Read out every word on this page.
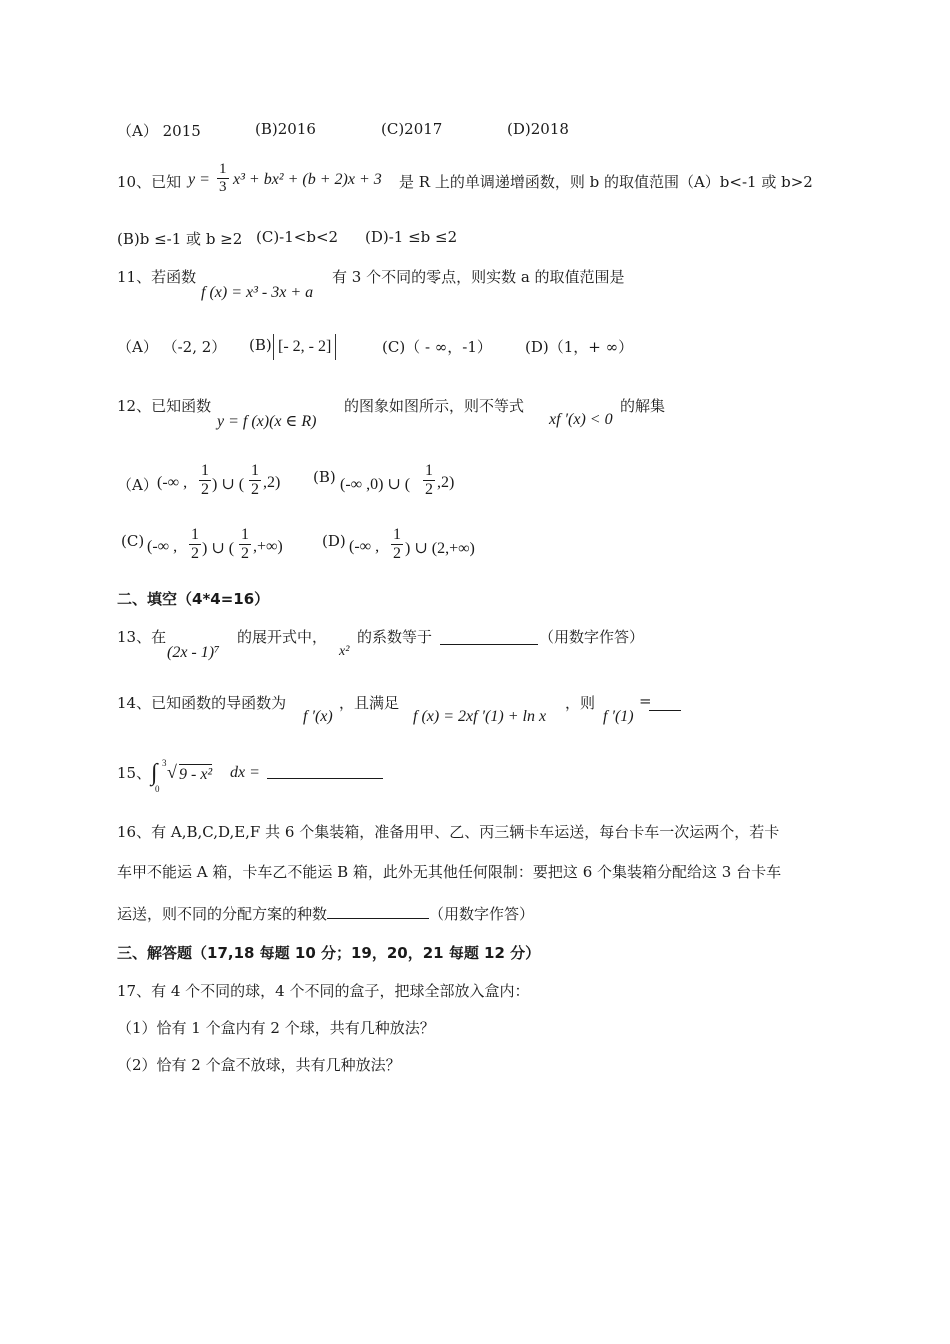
（A） 2015	(B)2016	(C)2017	(D)2018
10、已知 $y = \frac{1}{3} x^3 + bx^2 + (b + 2)x + 3$ 是 R 上的单调递增函数，则 b 的取值范围（A）b<-1 或 b>2
(B)b ≤-1 或 b ≥2 (C)-1<b<2 (D)-1 ≤b ≤2
11、若函数
f (x) = x³ - 3x + a
有 3 个不同的零点，则实数 a 的取值范围是
（A） （-2, 2） (B) [- 2, - 2]	(C)（ - ∞，-1） (D)（1，+ ∞）
12、已知函数
y = f (x)(x ∈ R)
的图象如图所示，则不等式
xf ′(x) < 0
的解集
（A） (-∞ , $\frac{1}{2}$ ) ∪ ( $\frac{1}{2} ,2$) (B) (-∞ ,0) ∪ ( $\frac{1}{2} ,2$)
(C) (-∞ , $\frac{1}{2}$ ) ∪ ( $\frac{1}{2}$ ,+∞)	(D) (-∞ , $\frac{1}{2}$ ) ∪ (2,+∞)
二、填空（4*4=16）
13、在
(2x - 1)⁷
的展开式中，
x²
的系数等于	（用数字作答）
14、已知函数的导函数为
f ′(x)
，且满足
f (x) = 2xf ′(1) + ln x
，则
f ′(1)
=
15、 ∫ 3
0
√ 9 - x² dx =
16、有 A,B,C,D,E,F 共 6 个集装箱，准备用甲、乙、丙三辆卡车运送，每台卡车一次运两个，若卡
车甲不能运 A 箱，卡车乙不能运 B 箱，此外无其他任何限制：要把这 6 个集装箱分配给这 3 台卡车
运送，则不同的分配方案的种数	（用数字作答）
三、解答题（17,18 每题 10 分；19，20，21 每题 12 分）
17、有 4 个不同的球，4 个不同的盒子，把球全部放入盒内：
（1）恰有 1 个盒内有 2 个球，共有几种放法？
（2）恰有 2 个盒不放球，共有几种放法？
